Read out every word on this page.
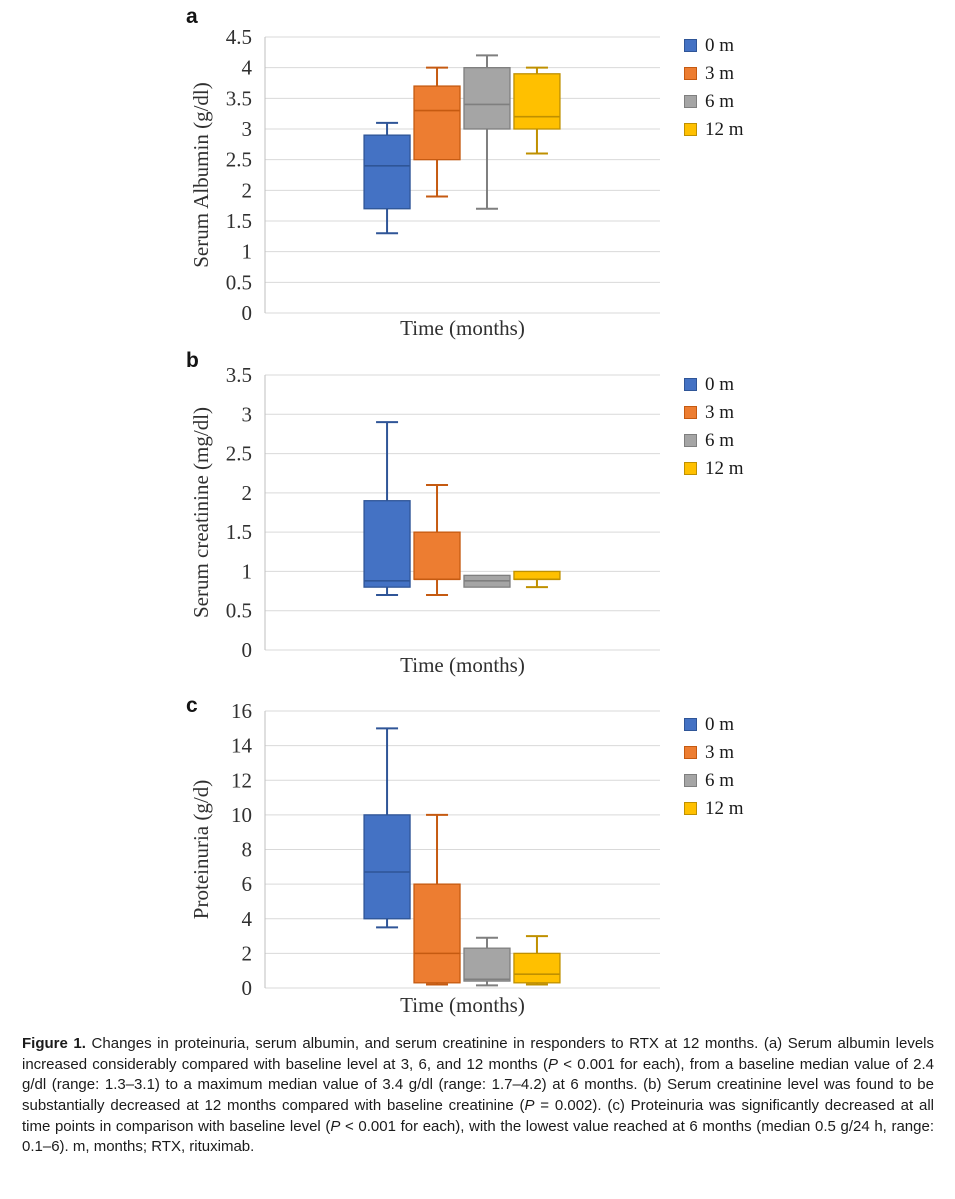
a
b
c
0
0.5
1
1.5
2
2.5
3
3.5
4
4.5
Serum Albumin (g/dl)
Time (months)
0
0.5
1
1.5
2
2.5
3
3.5
Serum creatinine (mg/dl)
Time (months)
0
2
4
6
8
10
12
14
16
Proteinuria (g/d)
Time (months)
0 m
3 m
6 m
12 m
0 m
3 m
6 m
12 m
0 m
3 m
6 m
12 m
Figure 1. Changes in proteinuria, serum albumin, and serum creatinine in responders to RTX at 12 months. (a) Serum albumin levels increased considerably compared with baseline level at 3, 6, and 12 months (P < 0.001 for each), from a baseline median value of 2.4 g/dl (range: 1.3–3.1) to a maximum median value of 3.4 g/dl (range: 1.7–4.2) at 6 months. (b) Serum creatinine level was found to be substantially decreased at 12 months compared with baseline creatinine (P = 0.002). (c) Proteinuria was significantly decreased at all time points in comparison with baseline level (P < 0.001 for each), with the lowest value reached at 6 months (median 0.5 g/24 h, range: 0.1–6). m, months; RTX, rituximab.
